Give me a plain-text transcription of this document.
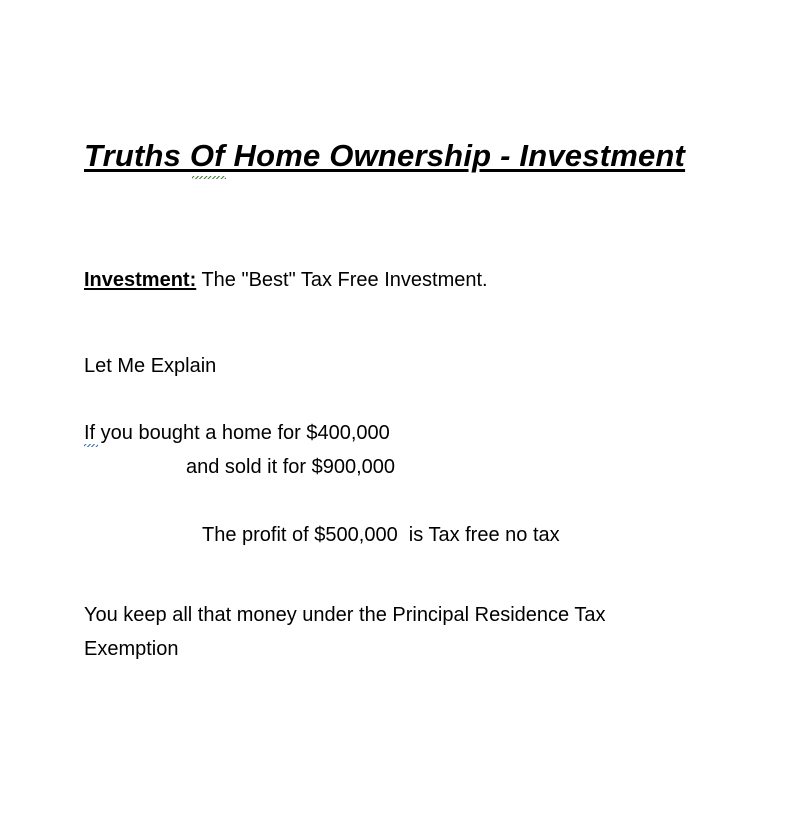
Truths Of Home Ownership - Investment
Investment: The "Best" Tax Free Investment.
Let Me Explain
If you bought a home for $400,000
and sold it for $900,000
The profit of $500,000  is Tax free no tax
You keep all that money under the Principal Residence Tax
Exemption
